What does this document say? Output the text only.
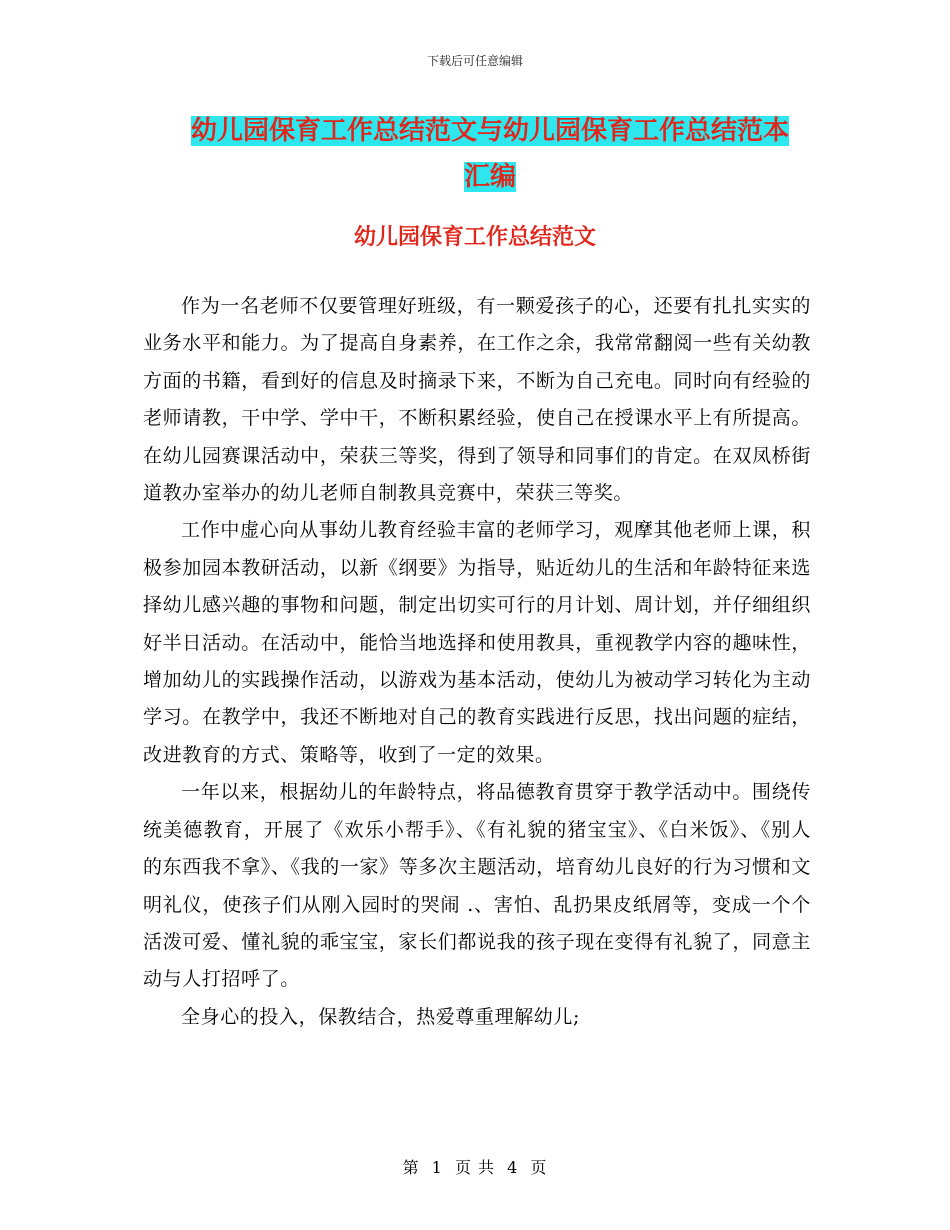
下载后可任意编辑
幼儿园保育工作总结范文与幼儿园保育工作总结范本
汇编
幼儿园保育工作总结范文

作为一名老师不仅要管理好班级，有一颗爱孩子的心，还要有扎扎实实的业务水平和能力。为了提高自身素养，在工作之余，我常常翻阅一些有关幼教方面的书籍，看到好的信息及时摘录下来，不断为自己充电。同时向有经验的老师请教，干中学、学中干，不断积累经验，使自己在授课水平上有所提高。在幼儿园赛课活动中，荣获三等奖，得到了领导和同事们的肯定。在双凤桥街道教办室举办的幼儿老师自制教具竞赛中，荣获三等奖。

工作中虚心向从事幼儿教育经验丰富的老师学习，观摩其他老师上课，积极参加园本教研活动，以新《纲要》为指导，贴近幼儿的生活和年龄特征来选择幼儿感兴趣的事物和问题，制定出切实可行的月计划、周计划，并仔细组织好半日活动。在活动中，能恰当地选择和使用教具，重视教学内容的趣味性，增加幼儿的实践操作活动，以游戏为基本活动，使幼儿为被动学习转化为主动学习。在教学中，我还不断地对自己的教育实践进行反思，找出问题的症结，改进教育的方式、策略等，收到了一定的效果。

一年以来，根据幼儿的年龄特点，将品德教育贯穿于教学活动中。围绕传统美德教育，开展了《欢乐小帮手》、《有礼貌的猪宝宝》、《白米饭》、《别人的东西我不拿》、《我的一家》等多次主题活动，培育幼儿良好的行为习惯和文明礼仪，使孩子们从刚入园时的哭闹 .、害怕、乱扔果皮纸屑等，变成一个个活泼可爱、懂礼貌的乖宝宝，家长们都说我的孩子现在变得有礼貌了，同意主动与人打招呼了。

全身心的投入，保教结合，热爱尊重理解幼儿;

第 1 页 共 4 页
